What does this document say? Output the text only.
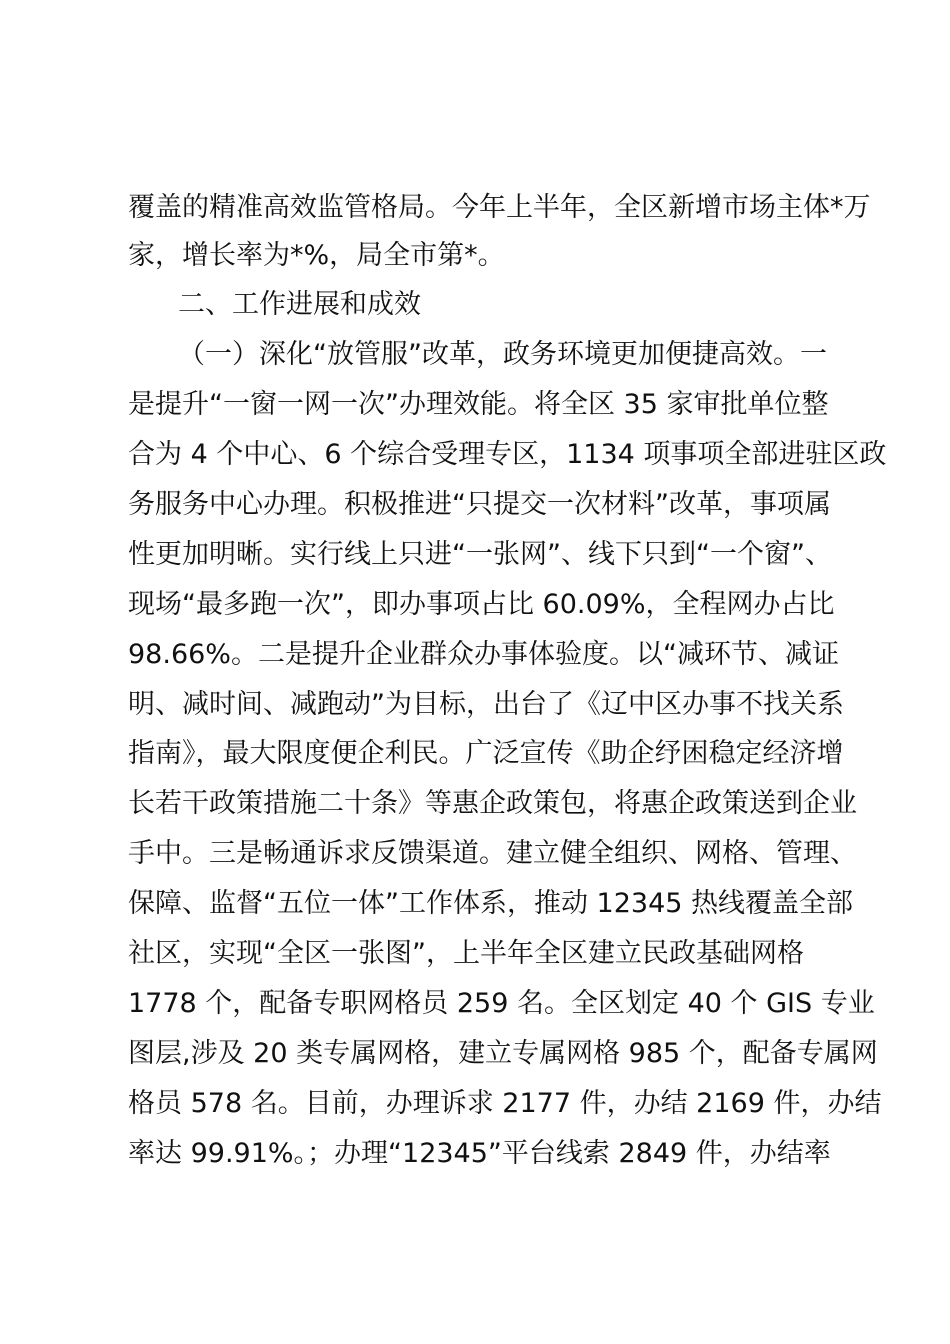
覆盖的精准高效监管格局。今年上半年，全区新增市场主体*万

家，增长率为*%，局全市第*。

二、工作进展和成效

（一）深化“放管服”改革，政务环境更加便捷高效。一

是提升“一窗一网一次”办理效能。将全区 35 家审批单位整

合为 4 个中心、6 个综合受理专区，1134 项事项全部进驻区政

务服务中心办理。积极推进“只提交一次材料”改革，事项属

性更加明晰。实行线上只进“一张网”、线下只到“一个窗”、

现场“最多跑一次”，即办事项占比 60.09%，全程网办占比

98.66%。二是提升企业群众办事体验度。以“减环节、减证

明、减时间、减跑动”为目标，出台了《辽中区办事不找关系

指南》，最大限度便企利民。广泛宣传《助企纾困稳定经济增

长若干政策措施二十条》等惠企政策包，将惠企政策送到企业

手中。三是畅通诉求反馈渠道。建立健全组织、网格、管理、

保障、监督“五位一体”工作体系，推动 12345 热线覆盖全部

社区，实现“全区一张图”，上半年全区建立民政基础网格

1778 个，配备专职网格员 259 名。全区划定 40 个 GIS 专业

图层,涉及 20 类专属网格，建立专属网格 985 个，配备专属网

格员 578 名。目前，办理诉求 2177 件，办结 2169 件，办结

率达 99.91%。；办理“12345”平台线索 2849 件，办结率
